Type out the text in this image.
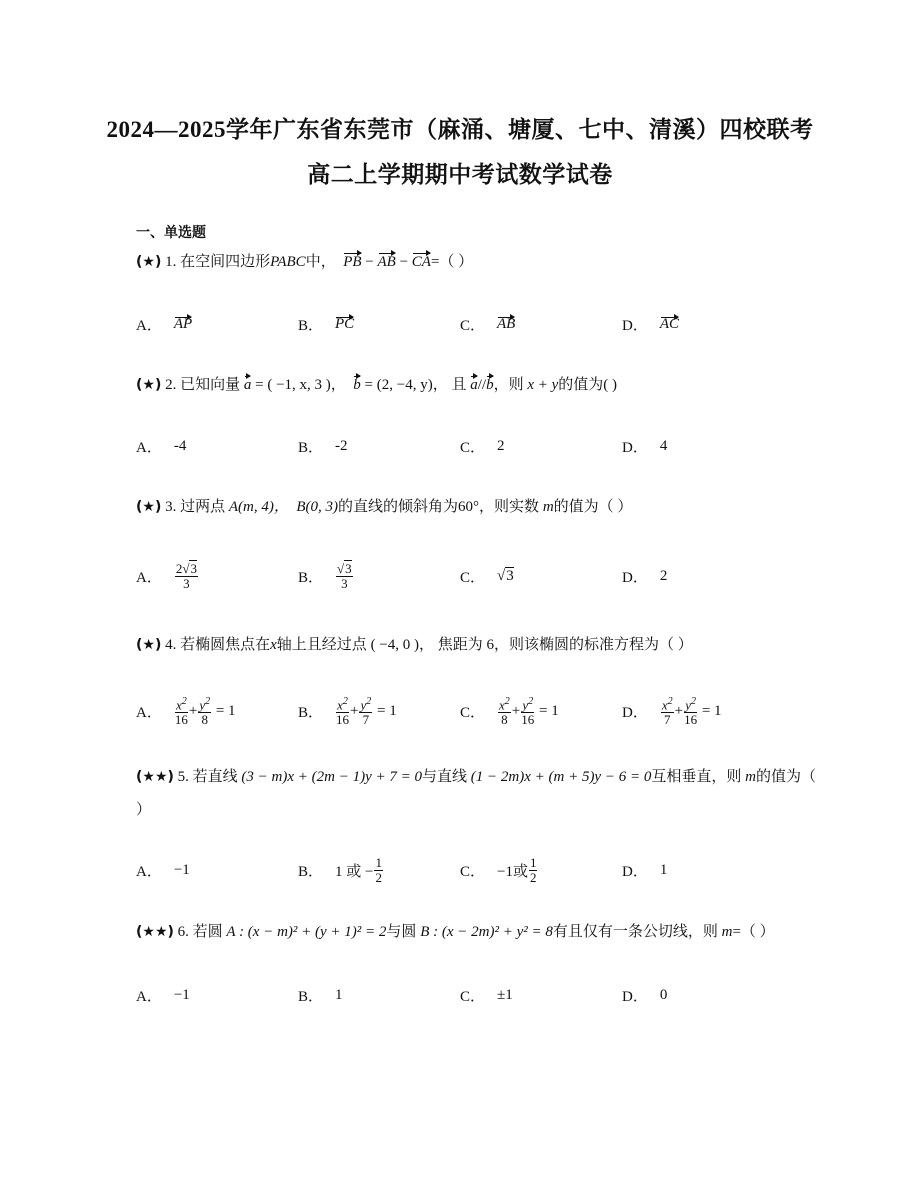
2024—2025学年广东省东莞市（麻涌、塘厦、七中、清溪）四校联考
高二上学期期中考试数学试卷
一、单选题
(★) 1. 在空间四边形PABC中， PB − AB − CA=（ ）
A． AP	B． PC	C． AB	D． AC
(★) 2. 已知向量 a = ( −1, x, 3 )， b = (2, −4, y)， 且 a//b，则 x + y的值为( )
A． -4	B． -2	C． 2	D． 4
(★) 3. 过两点 A(m, 4)， B(0, 3)的直线的倾斜角为60°，则实数 m的值为（ ）
A． $\frac{2√3}{3}$	B． $\frac{√3}{3}$	C． √3	D． 2
(★) 4. 若椭圆焦点在x轴上且经过点 ( −4, 0 )， 焦距为 6，则该椭圆的标准方程为（ ）
A． $\frac{x^2}{16} + \frac{y^2}{8} = 1$	B． $\frac{x^2}{16} + \frac{y^2}{7} = 1$	C． $\frac{x^2}{8} + \frac{y^2}{16} = 1$	D． $\frac{x^2}{7} + \frac{y^2}{16} = 1$
(★★) 5. 若直线 (3 − m)x + (2m − 1)y + 7 = 0与直线 (1 − 2m)x + (m + 5)y − 6 = 0互相垂直，则 m的值为（
）
A． −1	B． 1 或 − $\frac{1}{2}$	C． −1或 $\frac{1}{2}$	D． 1
(★★) 6. 若圆 A : (x − m)² + (y + 1)² = 2与圆 B : (x − 2m)² + y² = 8有且仅有一条公切线，则 m=（ ）
A． −1	B． 1	C． ±1	D． 0
